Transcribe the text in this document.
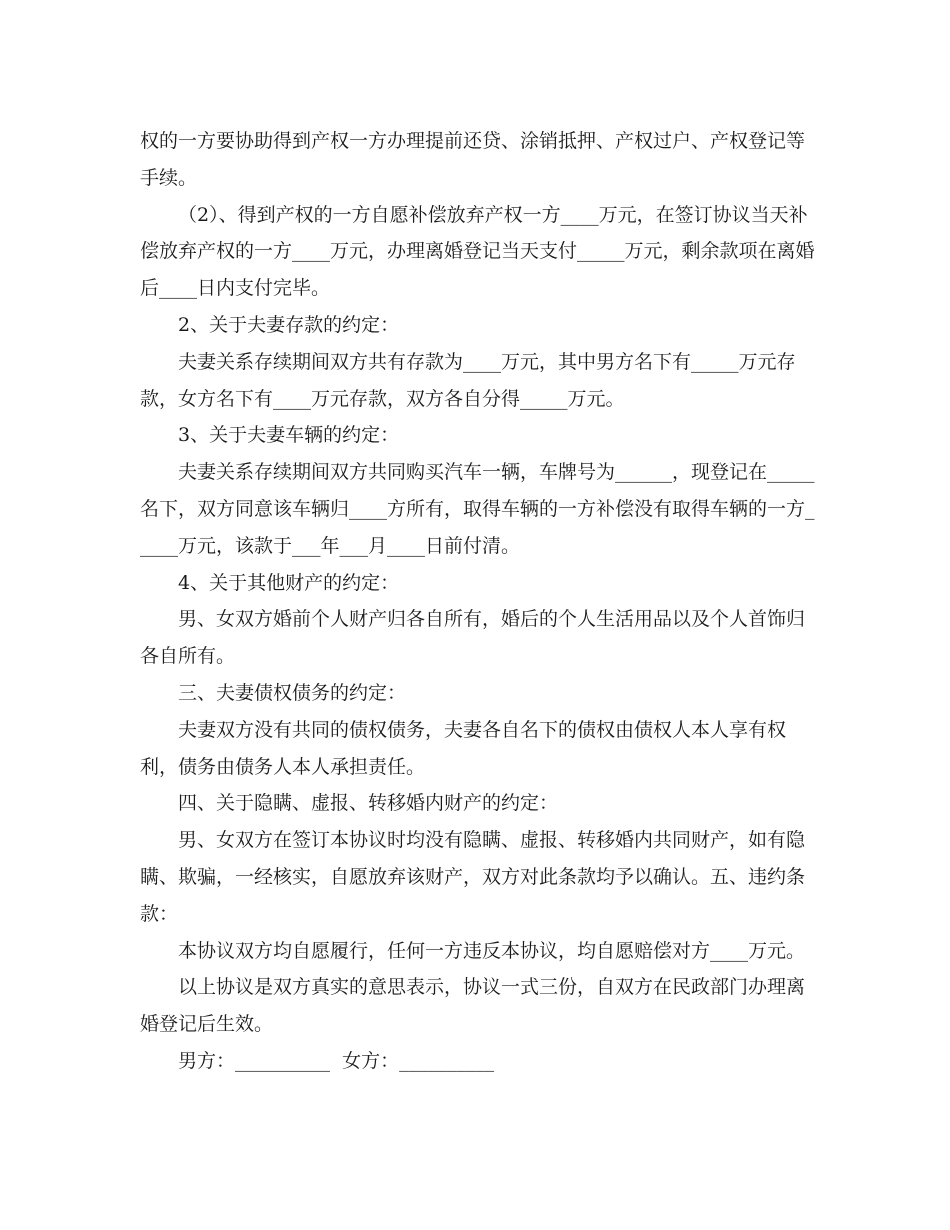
权的一方要协助得到产权一方办理提前还贷、涂销抵押、产权过户、产权登记等手续。

（2）、得到产权的一方自愿补偿放弃产权一方____万元，在签订协议当天补偿放弃产权的一方____万元，办理离婚登记当天支付_____万元，剩余款项在离婚后____日内支付完毕。

2、关于夫妻存款的约定：

夫妻关系存续期间双方共有存款为____万元，其中男方名下有_____万元存款，女方名下有____万元存款，双方各自分得_____万元。

3、关于夫妻车辆的约定：

夫妻关系存续期间双方共同购买汽车一辆，车牌号为______，现登记在_____名下，双方同意该车辆归____方所有，取得车辆的一方补偿没有取得车辆的一方_____万元，该款于___年___月____日前付清。

4、关于其他财产的约定：

男、女双方婚前个人财产归各自所有，婚后的个人生活用品以及个人首饰归各自所有。

三、夫妻债权债务的约定：

夫妻双方没有共同的债权债务，夫妻各自名下的债权由债权人本人享有权利，债务由债务人本人承担责任。

四、关于隐瞒、虚报、转移婚内财产的约定：

男、女双方在签订本协议时均没有隐瞒、虚报、转移婚内共同财产，如有隐瞒、欺骗，一经核实，自愿放弃该财产，双方对此条款均予以确认。五、违约条款：

本协议双方均自愿履行，任何一方违反本协议，均自愿赔偿对方____万元。

以上协议是双方真实的意思表示，协议一式三份，自双方在民政部门办理离婚登记后生效。

男方：__________  女方：__________
